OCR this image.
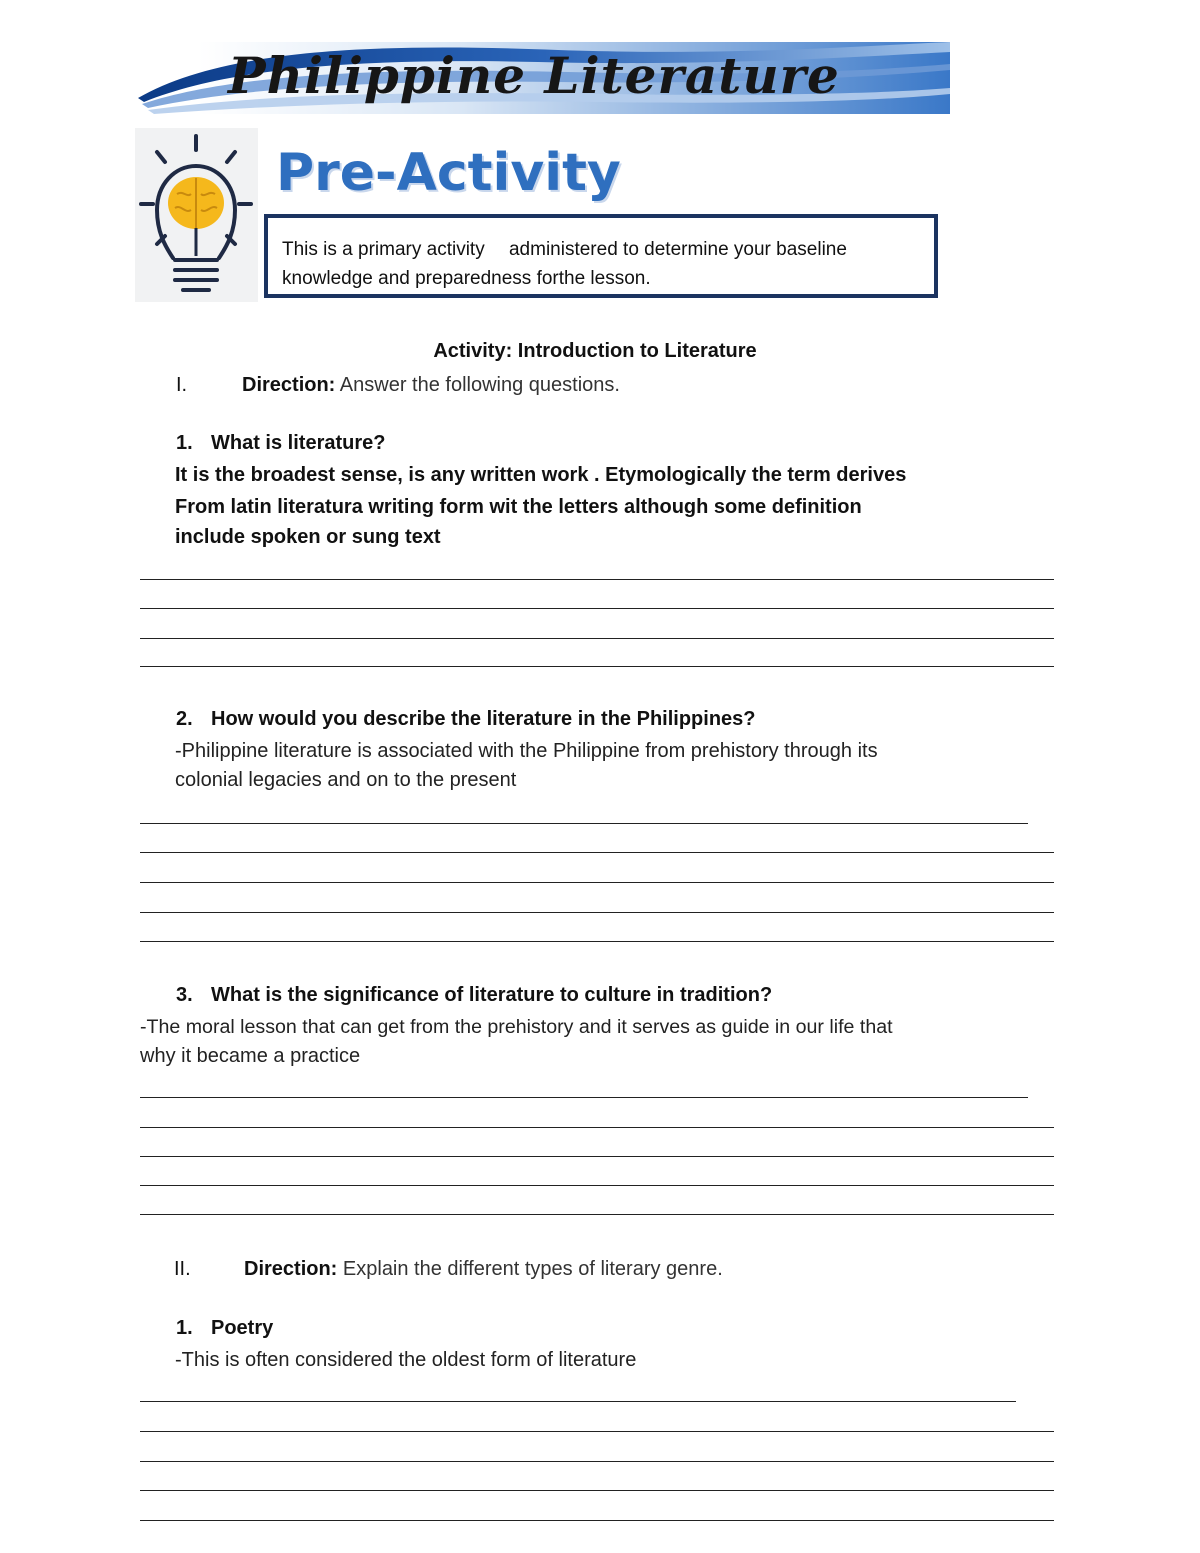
Philippine Literature
Pre-Activity
This is a primary activity  administered to determine your baseline
knowledge and preparedness forthe lesson.
Activity: Introduction to Literature
I.	Direction: Answer the following questions.
1. What is literature?
It is the broadest sense, is any written work . Etymologically the term derives
From latin literatura writing form wit the letters although some definition
include spoken or sung text
2. How would you describe the literature in the Philippines?
-Philippine literature is associated with the Philippine from prehistory through its
colonial legacies and on to the present
3. What is the significance of literature to culture in tradition?
-The moral lesson that can get from the prehistory and it serves as guide in our life that
why it became a practice
II.	Direction: Explain the different types of literary genre.
1. Poetry
-This is often considered the oldest form of literature
